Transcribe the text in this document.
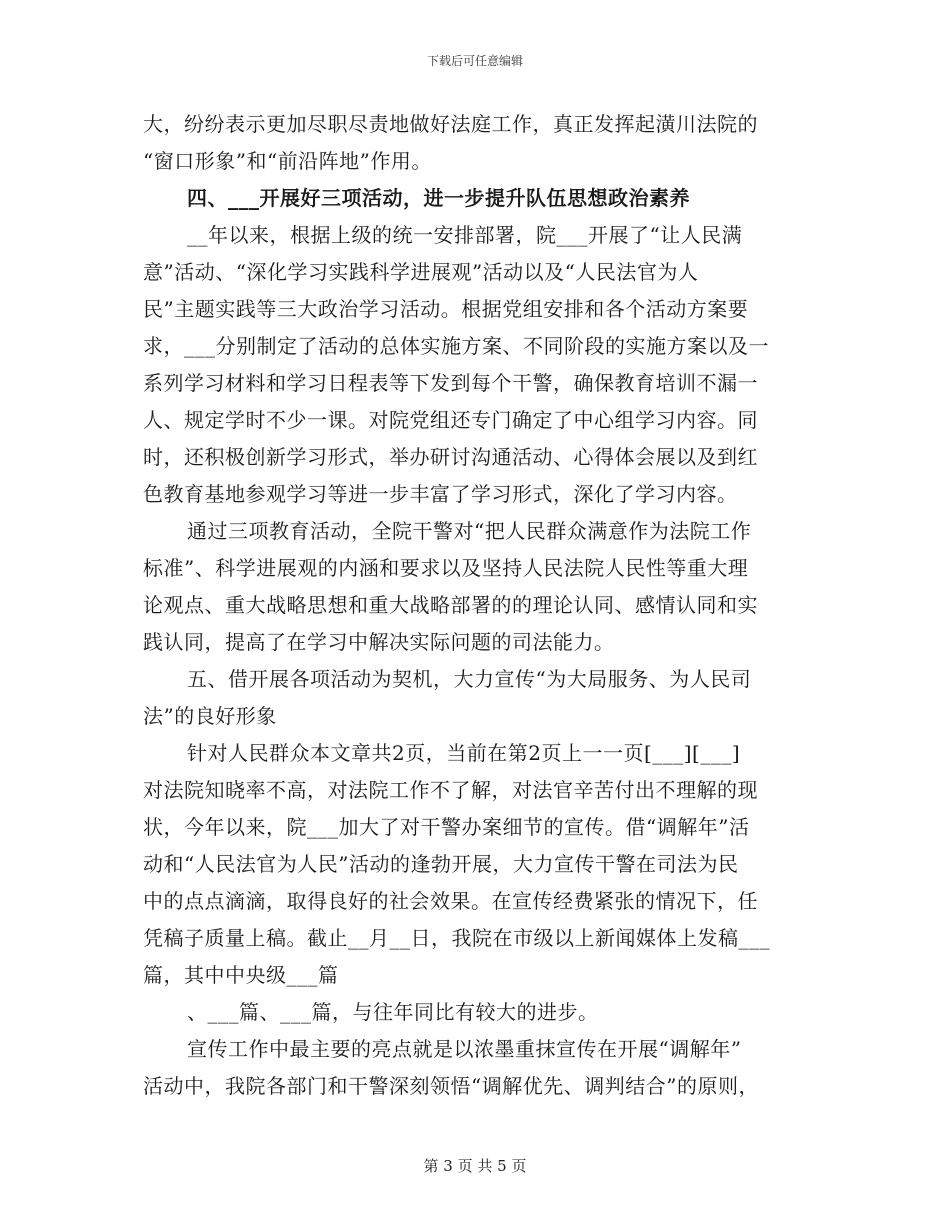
下载后可任意编辑
大，纷纷表示更加尽职尽责地做好法庭工作，真正发挥起潢川法院的
“窗口形象”和“前沿阵地”作用。
四、___开展好三项活动，进一步提升队伍思想政治素养
__年以来，根据上级的统一安排部署，院___开展了“让人民满
意”活动、“深化学习实践科学进展观”活动以及“人民法官为人
民”主题实践等三大政治学习活动。根据党组安排和各个活动方案要
求，___分别制定了活动的总体实施方案、不同阶段的实施方案以及一
系列学习材料和学习日程表等下发到每个干警，确保教育培训不漏一
人、规定学时不少一课。对院党组还专门确定了中心组学习内容。同
时，还积极创新学习形式，举办研讨沟通活动、心得体会展以及到红
色教育基地参观学习等进一步丰富了学习形式，深化了学习内容。
通过三项教育活动，全院干警对“把人民群众满意作为法院工作
标准”、科学进展观的内涵和要求以及坚持人民法院人民性等重大理
论观点、重大战略思想和重大战略部署的的理论认同、感情认同和实
践认同，提高了在学习中解决实际问题的司法能力。
五、借开展各项活动为契机，大力宣传“为大局服务、为人民司
法”的良好形象
针对人民群众本文章共2页，当前在第2页上一一页[___][___]
对法院知晓率不高，对法院工作不了解，对法官辛苦付出不理解的现
状，今年以来，院___加大了对干警办案细节的宣传。借“调解年”活
动和“人民法官为人民”活动的逢勃开展，大力宣传干警在司法为民
中的点点滴滴，取得良好的社会效果。在宣传经费紧张的情况下，任
凭稿子质量上稿。截止__月__日，我院在市级以上新闻媒体上发稿___
篇，其中中央级___篇
、___篇、___篇，与往年同比有较大的进步。
宣传工作中最主要的亮点就是以浓墨重抹宣传在开展“调解年”
活动中，我院各部门和干警深刻领悟“调解优先、调判结合”的原则，
第 3 页 共 5 页
